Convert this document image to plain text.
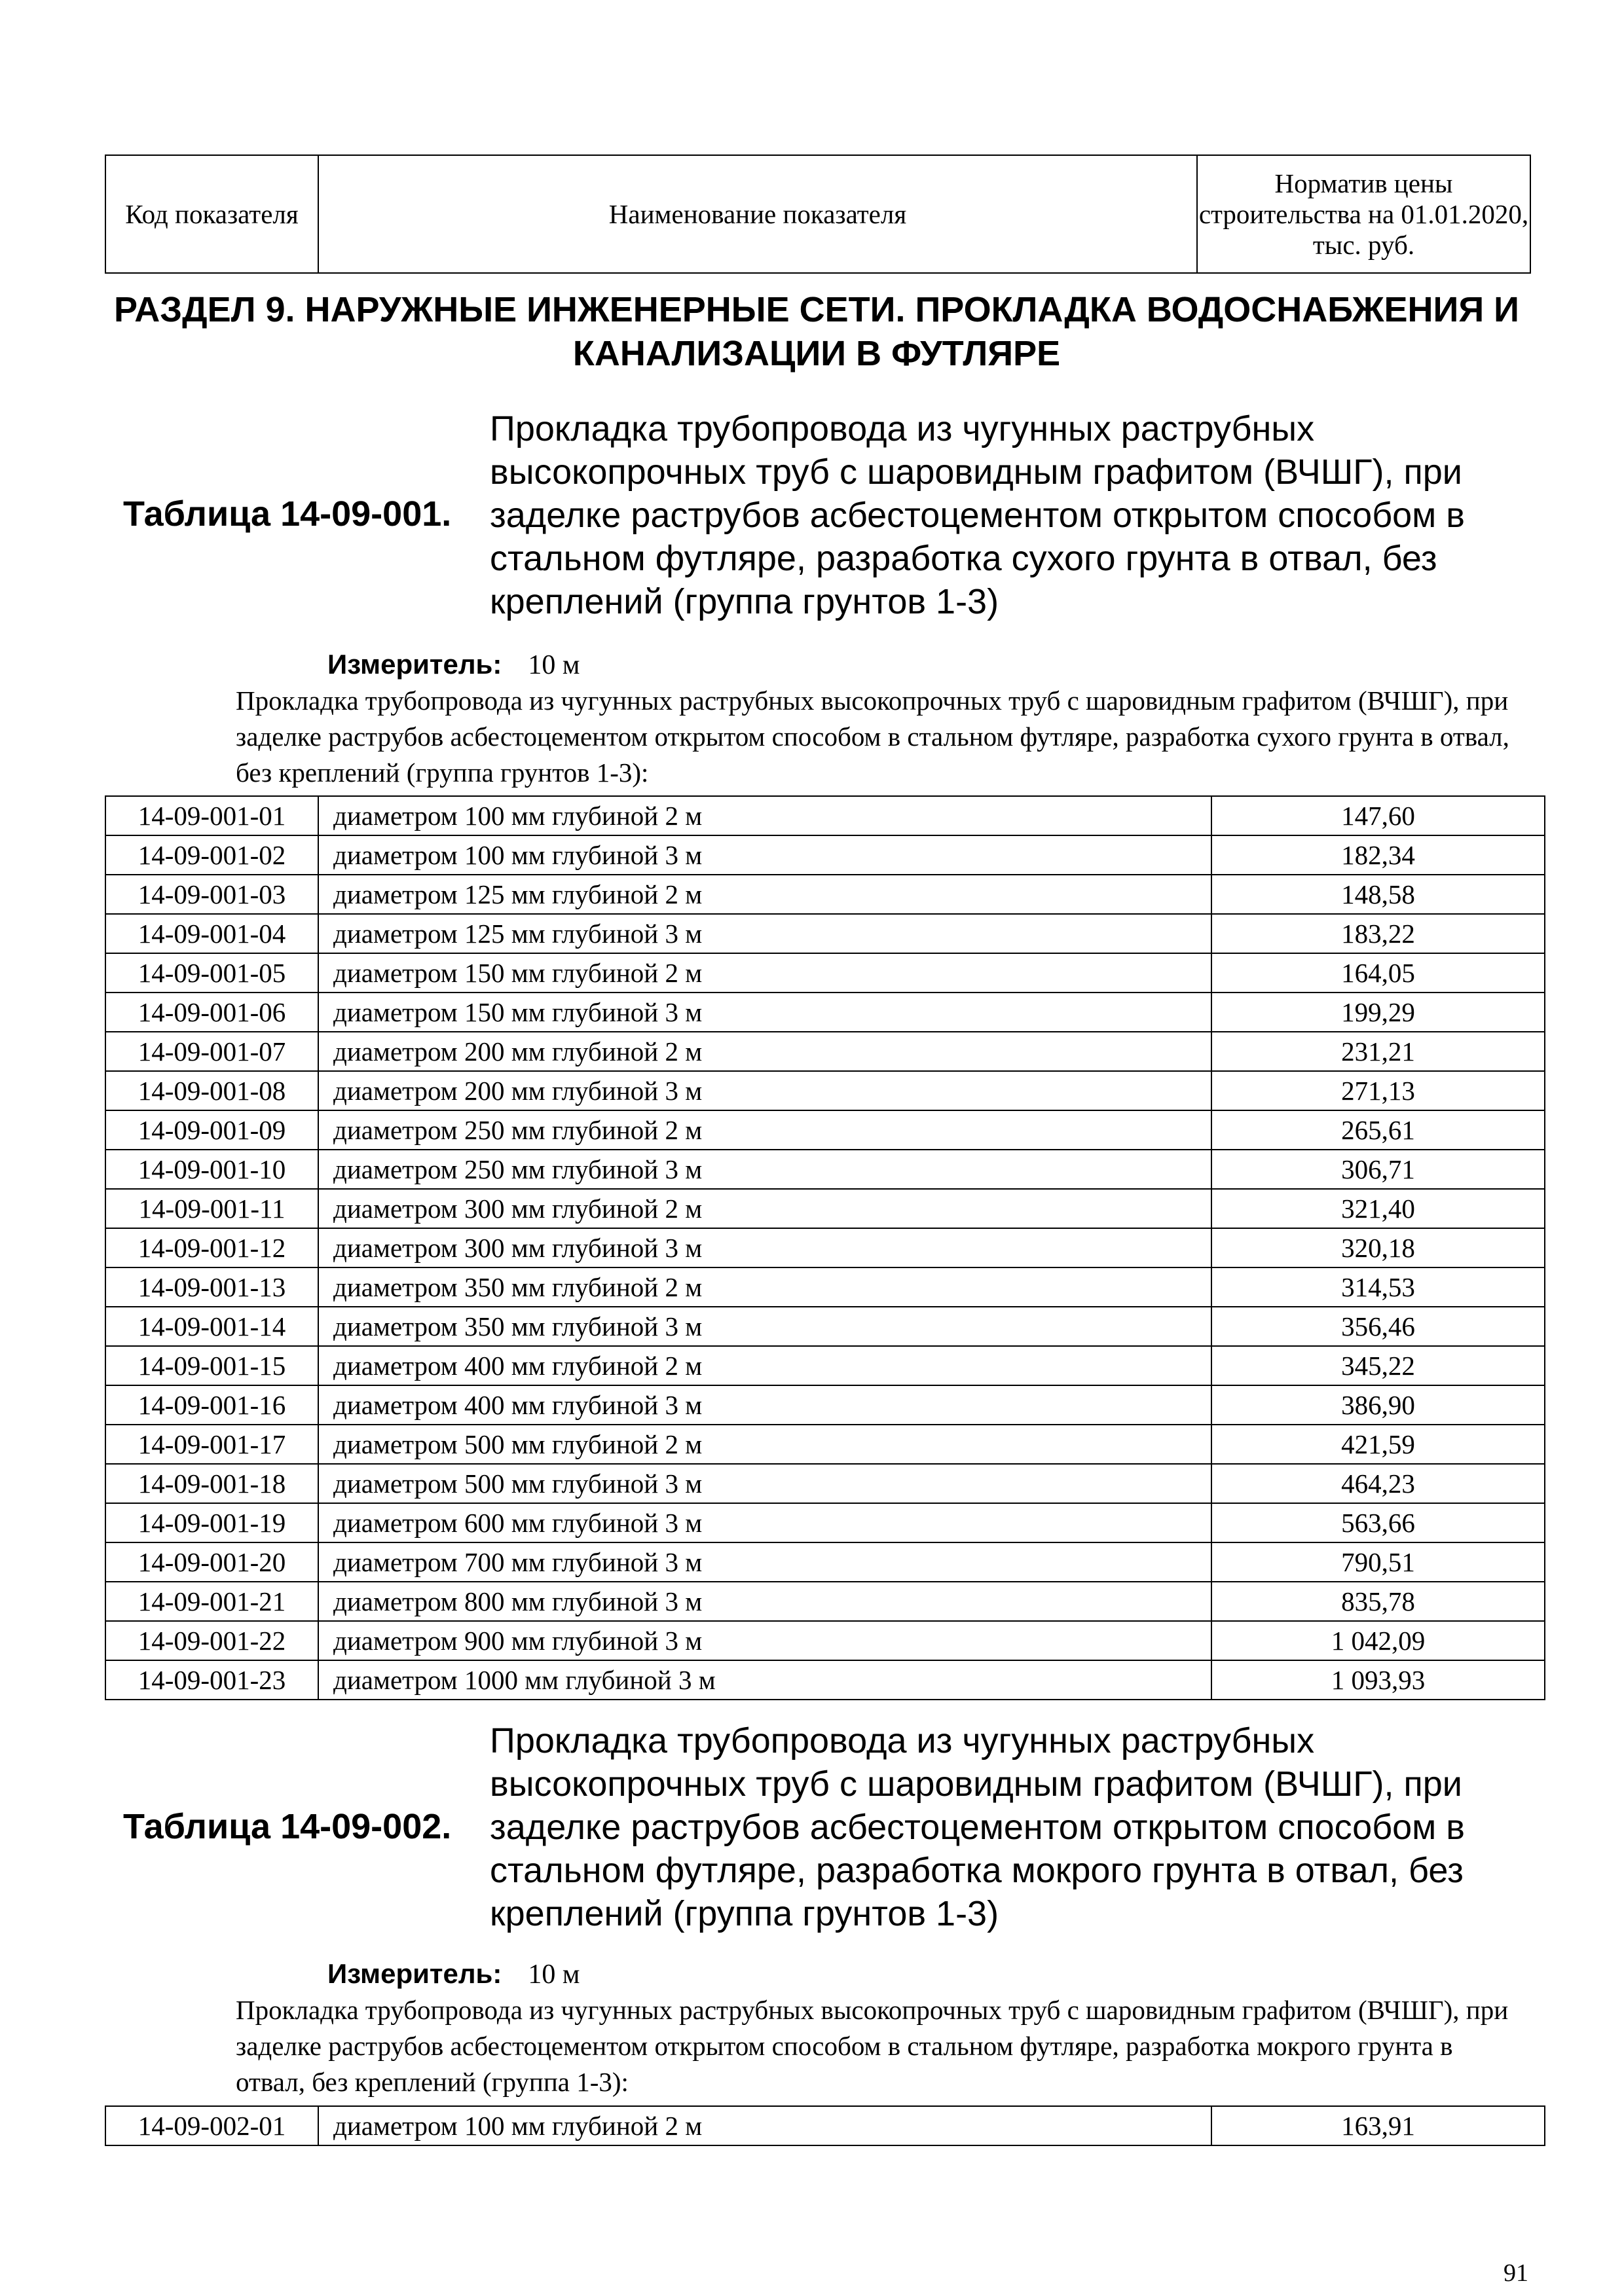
Код показателя	Наименование показателя	Норматив цены строительства на 01.01.2020, тыс. руб.
РАЗДЕЛ 9. НАРУЖНЫЕ ИНЖЕНЕРНЫЕ СЕТИ. ПРОКЛАДКА ВОДОСНАБЖЕНИЯ И КАНАЛИЗАЦИИ В ФУТЛЯРЕ
Таблица 14-09-001.
Прокладка трубопровода из чугунных раструбных высокопрочных труб с шаровидным графитом (ВЧШГ), при заделке раструбов асбестоцементом открытом способом в стальном футляре, разработка сухого грунта в отвал, без креплений (группа грунтов 1-3)
Измеритель: 10 м
Прокладка трубопровода из чугунных раструбных высокопрочных труб с шаровидным графитом (ВЧШГ), при заделке раструбов асбестоцементом открытом способом в стальном футляре, разработка сухого грунта в отвал, без креплений (группа грунтов 1-3):
14-09-001-01	диаметром 100 мм глубиной 2 м	147,60
14-09-001-02	диаметром 100 мм глубиной 3 м	182,34
14-09-001-03	диаметром 125 мм глубиной 2 м	148,58
14-09-001-04	диаметром 125 мм глубиной 3 м	183,22
14-09-001-05	диаметром 150 мм глубиной 2 м	164,05
14-09-001-06	диаметром 150 мм глубиной 3 м	199,29
14-09-001-07	диаметром 200 мм глубиной 2 м	231,21
14-09-001-08	диаметром 200 мм глубиной 3 м	271,13
14-09-001-09	диаметром 250 мм глубиной 2 м	265,61
14-09-001-10	диаметром 250 мм глубиной 3 м	306,71
14-09-001-11	диаметром 300 мм глубиной 2 м	321,40
14-09-001-12	диаметром 300 мм глубиной 3 м	320,18
14-09-001-13	диаметром 350 мм глубиной 2 м	314,53
14-09-001-14	диаметром 350 мм глубиной 3 м	356,46
14-09-001-15	диаметром 400 мм глубиной 2 м	345,22
14-09-001-16	диаметром 400 мм глубиной 3 м	386,90
14-09-001-17	диаметром 500 мм глубиной 2 м	421,59
14-09-001-18	диаметром 500 мм глубиной 3 м	464,23
14-09-001-19	диаметром 600 мм глубиной 3 м	563,66
14-09-001-20	диаметром 700 мм глубиной 3 м	790,51
14-09-001-21	диаметром 800 мм глубиной 3 м	835,78
14-09-001-22	диаметром 900 мм глубиной 3 м	1 042,09
14-09-001-23	диаметром 1000 мм глубиной 3 м	1 093,93
Таблица 14-09-002.
Прокладка трубопровода из чугунных раструбных высокопрочных труб с шаровидным графитом (ВЧШГ), при заделке раструбов асбестоцементом открытом способом в стальном футляре, разработка мокрого грунта в отвал, без креплений (группа грунтов 1-3)
Измеритель: 10 м
Прокладка трубопровода из чугунных раструбных высокопрочных труб с шаровидным графитом (ВЧШГ), при заделке раструбов асбестоцементом открытом способом в стальном футляре, разработка мокрого грунта в отвал, без креплений (группа 1-3):
14-09-002-01	диаметром 100 мм глубиной 2 м	163,91
91
